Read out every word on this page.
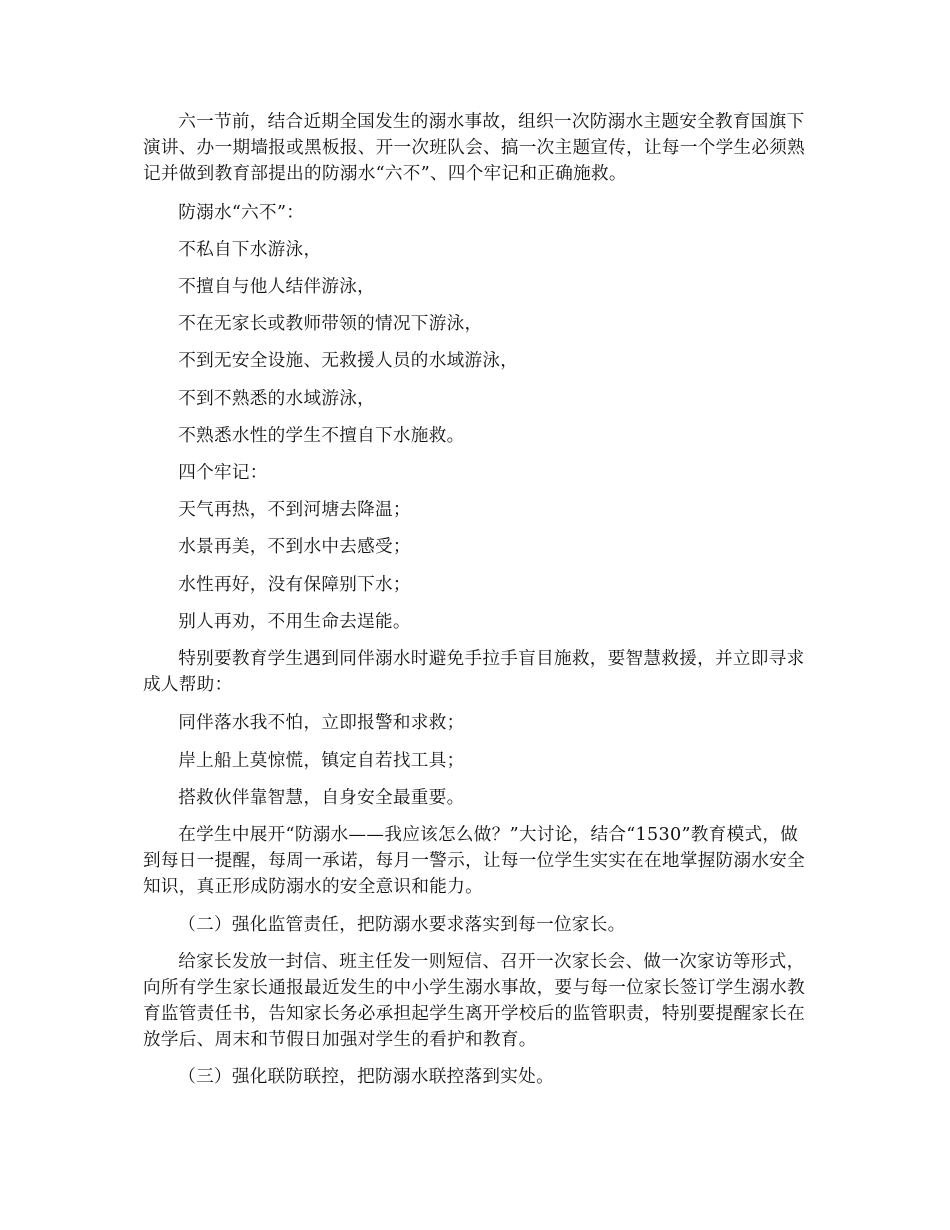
六一节前，结合近期全国发生的溺水事故，组织一次防溺水主题安全教育国旗下演讲、办一期墙报或黑板报、开一次班队会、搞一次主题宣传，让每一个学生必须熟记并做到教育部提出的防溺水“六不”、四个牢记和正确施救。

防溺水“六不”：

不私自下水游泳，

不擅自与他人结伴游泳，

不在无家长或教师带领的情况下游泳，

不到无安全设施、无救援人员的水域游泳，

不到不熟悉的水域游泳，

不熟悉水性的学生不擅自下水施救。

四个牢记：

天气再热，不到河塘去降温；

水景再美，不到水中去感受；

水性再好，没有保障别下水；

别人再劝，不用生命去逞能。

特别要教育学生遇到同伴溺水时避免手拉手盲目施救，要智慧救援，并立即寻求成人帮助：

同伴落水我不怕，立即报警和求救；

岸上船上莫惊慌，镇定自若找工具；

搭救伙伴靠智慧，自身安全最重要。

在学生中展开“防溺水——我应该怎么做？”大讨论，结合“1530”教育模式，做到每日一提醒，每周一承诺，每月一警示，让每一位学生实实在在地掌握防溺水安全知识，真正形成防溺水的安全意识和能力。

（二）强化监管责任，把防溺水要求落实到每一位家长。

给家长发放一封信、班主任发一则短信、召开一次家长会、做一次家访等形式，向所有学生家长通报最近发生的中小学生溺水事故，要与每一位家长签订学生溺水教育监管责任书，告知家长务必承担起学生离开学校后的监管职责，特别要提醒家长在放学后、周末和节假日加强对学生的看护和教育。

（三）强化联防联控，把防溺水联控落到实处。
